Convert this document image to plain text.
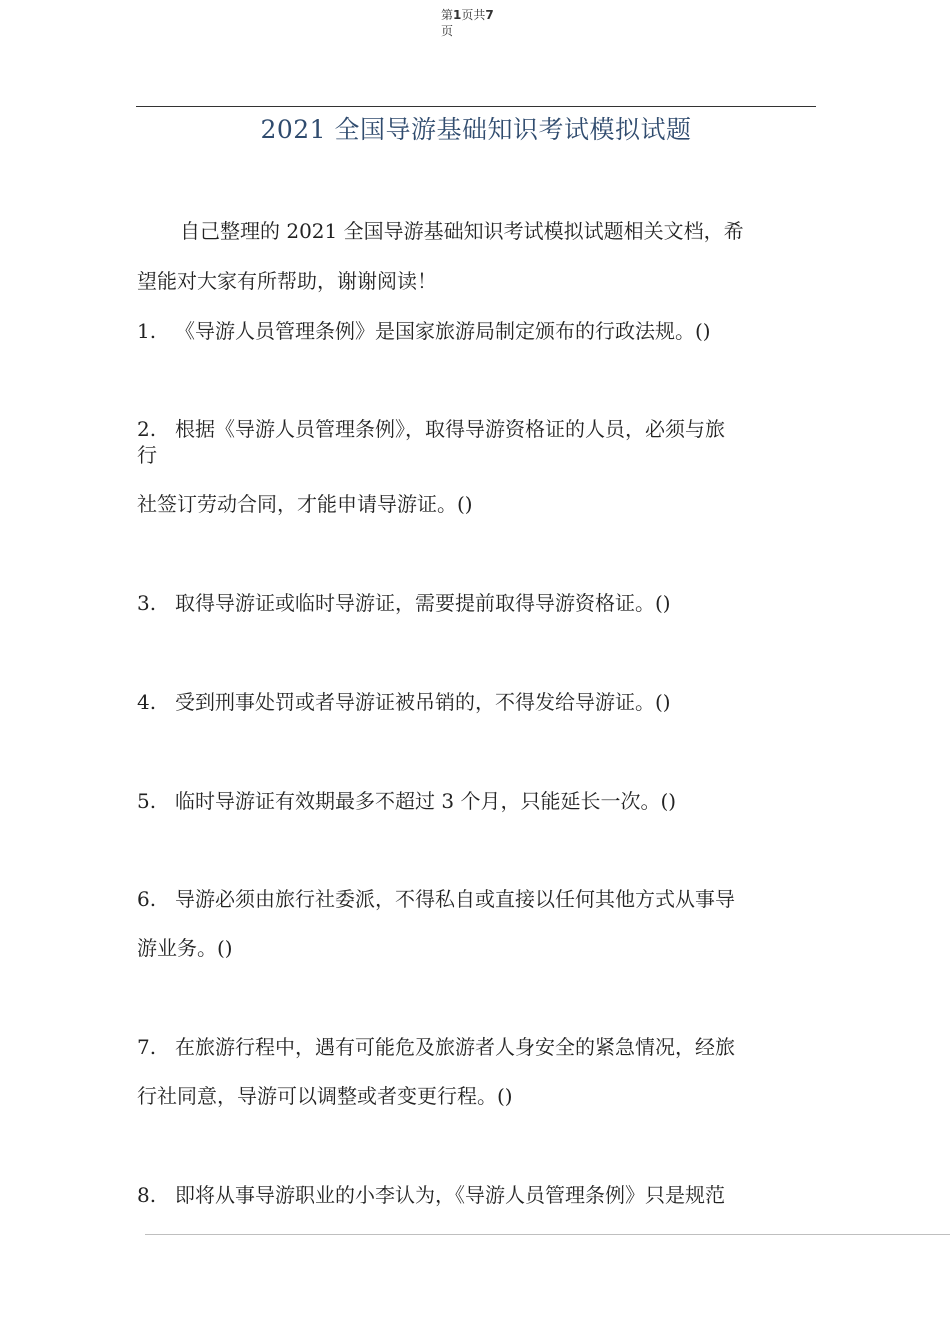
第1页共7
页
2021 全国导游基础知识考试模拟试题
自己整理的 2021 全国导游基础知识考试模拟试题相关文档，希
望能对大家有所帮助，谢谢阅读！
1. 《导游人员管理条例》是国家旅游局制定颁布的行政法规。()
2. 根据《导游人员管理条例》，取得导游资格证的人员，必须与旅
行
社签订劳动合同，才能申请导游证。()
3. 取得导游证或临时导游证，需要提前取得导游资格证。()
4. 受到刑事处罚或者导游证被吊销的，不得发给导游证。()
5. 临时导游证有效期最多不超过 3 个月，只能延长一次。()
6. 导游必须由旅行社委派，不得私自或直接以任何其他方式从事导
游业务。()
7. 在旅游行程中，遇有可能危及旅游者人身安全的紧急情况，经旅
行社同意，导游可以调整或者变更行程。()
8. 即将从事导游职业的小李认为，《导游人员管理条例》只是规范
